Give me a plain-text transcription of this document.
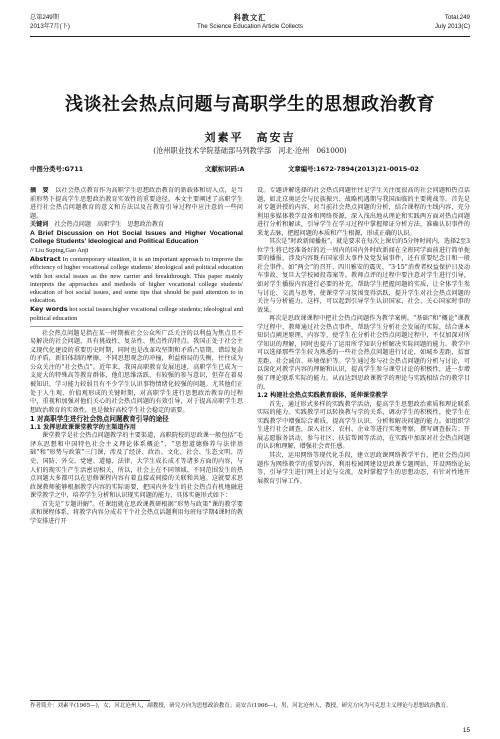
总第249期
2013年7月(下)
科教文汇
The Science Education Article Collects
Total.249
July 2013(C)
浅谈社会热点问题与高职学生的思想政治教育
刘素平　高安吉
(沧州职业技术学院基础部马列教学部　河北·沧州　061000)
中图分类号:G711	文献标识码:A	文章编号:1672-7894(2013)21-0015-02

摘　要　 以社会热点教育作为高职学生思想政治教育的新载体和切入点，是当前形势下提高学生思想政治教育实效性的重要途径。本文主要阐述了高职学生进行社会热点问题教育的意义和方法以及在教育引导过程中应注意的一些问题。

关键词　 社会热点问题　高职学生　思想政治教育

A Brief Discussion on Hot Social Issues and Higher Vocational College Students' Ideological and Political Education

// Liu Suping,Gao Anji

Abstract In contemporary situation, it is an important approach to improve the efficiency of higher vocational college students' ideological and political education with hot social issues as the new carrier and breakthrough. This paper mainly interprets the approaches and methods of higher vocational college students' education of hot social issues, and some tips that should be paid attention to in education.

Key words hot social issues;higher vocational college students; ideological and political education

社会热点问题是指在某一时期被社会公众所广泛关注的以利益为焦点且不易解决的社会问题，具有挑战性、复杂性、焦点性的特点。我国正处于社会主义现代化建设的重要历史时期，同时也是改革攻坚期和矛盾凸显期，错综复杂的矛盾，新旧体制的摩擦，不同思想观念的冲撞，利益格局的失衡，往往成为公众关注的“社会热点”。近年来，我国高职教育发展迅速，高职学生已成为一支庞大的特殊高等教育群体，他们思维活跃，有较强的参与意识，但存在着易被知识、学习能力较弱且有不少学生认识事物情绪化较强的问题。尤其他们正处于人生观、价值观形成的关键时期，对高职学生进行思想政治教育的过程中，重视和加强对他们关心的社会热点问题的有效引导，对于提高高职学生思想政治教育的实效性，也是做好高校学生社会稳定的需要。

1 对高职学生进行社会热点问题教育引导的途径

1.1 发挥思政课课堂教学的主渠道作用

课堂教学是社会热点问题教学的主要渠道，高职院校的思政课一般包括“毛泽东思想和中国特色社会主义理论体系概论”、“思想道德修养与法律基础”和“形势与政策”三门课，涉及了经济、政治、文化、社会、生态文明、历史、国防、外交、党建、道德、法律、大学生成长成才等诸多方面的内容，与人们的现实生产生活密切相关，所以，社会上在不同领域、不同范围发生的热点问题大多都可以在思修课程内容有着直接或间接的关联和共通。这就要求思政课教师能够根据教学内容的实际需要，把国内外发生的社会热点有机地融进课堂教学之中，培养学生分析和认识现实问题的能力，具体实施形式如下：

首先是“专题讲解”。任课组就在思政课教研根据“形势与政策”课的教学要求和课程体系，将教学内容分成若干个社会热点话题利用每班每学期4课时的教学安排进行开

设。专题讲解选择的社会热点问题往往是学生关注度很高的社会问题和热点话题，如北京奥运会与民族振兴、战略机遇期与我国面临的主要挑战等。首先是对专题讲授的内容、对当前社会热点问题的分析，结合课程的主线内容，充分利用多媒体教学设备和网络资源，深入浅出地从理论和实践两方面对热点问题进行分析和解读，引导学生在学习过程中掌握辩证分析方法，准确认识事件的来龙去脉，把握问题的本质和产生根源，形成正确的认识。

其次是“时政新闻播报”。就是要求在每次上课后的5分钟时间内，选择2至3位学生将已经准备好的近一周内的国内外时政新闻在全班同学面前进行简单扼要的播报，涉及内容既有国家重大事件及党发展事件，还有重要纪念日和一般社会事件。如“两会”的召开、四川雅安的震灾、“3·15”消费者权益保护日及动车事故、复旦大学校园投毒案等。教师点评的过程中要注意对学生进行引导，如对学生播报内容进行必要的补充，帮助学生把握问题的实质，让全体学生参与讨论、交流与思考，使课堂学习氛围变得活跃，提升学生对社会热点问题的关注与分析能力，这样，可以起到引导学生认识国家、社会、关心国家时事的效果。

再次是思政课课程中把社会热点问题作为教学案例。“基础”和“概论”课教学过程中，教师通过社会热点事件，帮助学生分析社会发展的实际，结合课本知识点阐述原理、内容等，使学生在分析社会热点问题过程中，不仅加深对所学知识的理解，同时也提升了运用所学知识分析解决实际问题的能力。教学中可以选择那些学生较为熟悉的一些社会热点问题进行讨论，如城乡差距、贫富差距、社会诚信、环境保护等。学生通过参与社会热点问题的分析与讨论，可以深化对教学内容的理解和认识，提高学生参与课堂讨论的积极性，进一步增强了理论联系实际的能力，从而达到思政课教学的理论与实践相结合的教学目的。

1.2 构建社会热点实践教育载体，延伸课堂教学

首先，通过形式多样的实践教学活动，提高学生思想政治素质和理论联系实际的能力。实践教学可以转换教与学的关系，调动学生的积极性，使学生在实践教学中增强综合素质，提高学生认识、分析和解决问题的能力。如组织学生进行社会调查，深入社区、农村、企业等进行实地考察，撰写调查报告；开展志愿服务活动，参与社区、扶贫帮困等活动，在实践中加深对社会热点问题的认识和理解，增强社会责任感。

其次，运用网络等现代化手段，建立思政课网络教学平台，把社会热点问题作为网络教学的重要内容，利用校园网建设思政课专题网站、开设网络论坛等，引导学生进行网上讨论与交流，及时掌握学生的思想动态，有针对性地开展教育引导工作。

作者简介：刘素平(1965—)，女，河北沧州人，副教授，研究方向为思想政治教育；高安吉(1966—)，男，河北沧州人，教授，研究方向为马克思主义理论与思想政治教育。
15
